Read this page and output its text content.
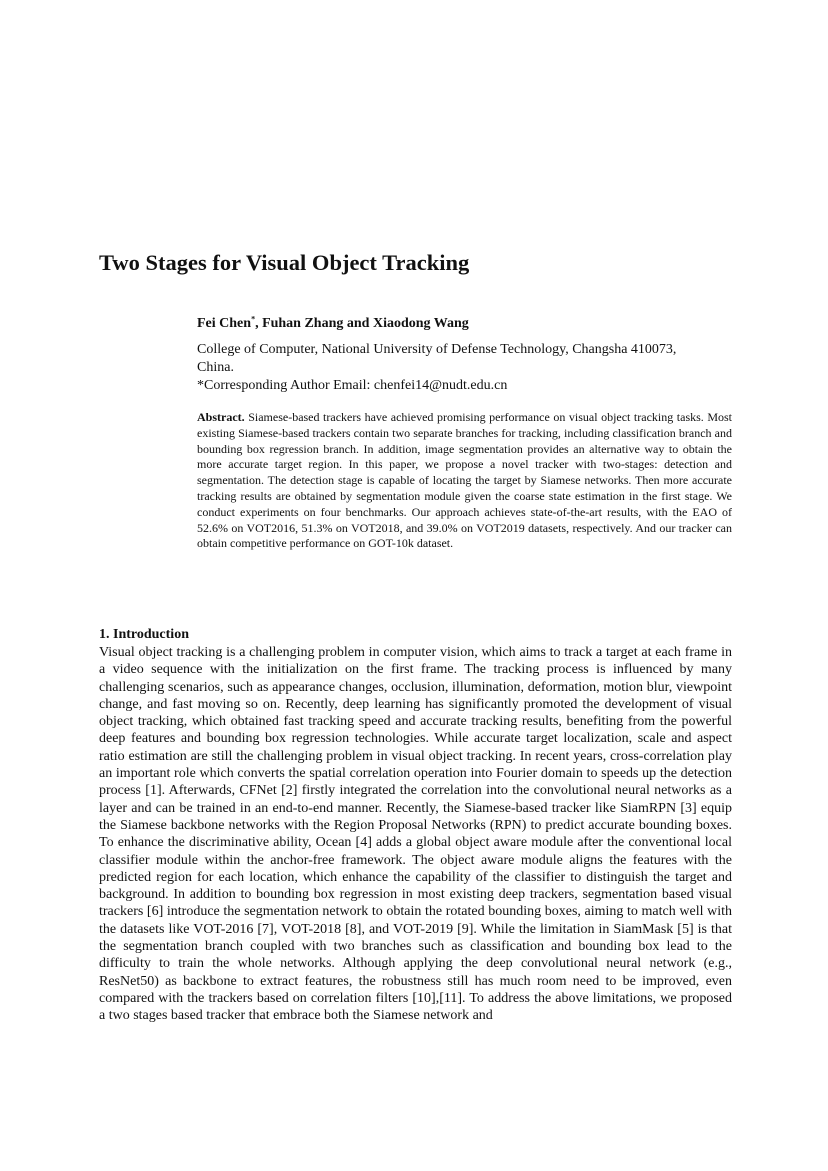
Two Stages for Visual Object Tracking
Fei Chen*, Fuhan Zhang and Xiaodong Wang
College of Computer, National University of Defense Technology, Changsha 410073,
China.
*Corresponding Author Email: chenfei14@nudt.edu.cn

Abstract. Siamese-based trackers have achieved promising performance on visual object tracking tasks. Most existing Siamese-based trackers contain two separate branches for tracking, including classification branch and bounding box regression branch. In addition, image segmentation provides an alternative way to obtain the more accurate target region. In this paper, we propose a novel tracker with two-stages: detection and segmentation. The detection stage is capable of locating the target by Siamese networks. Then more accurate tracking results are obtained by segmentation module given the coarse state estimation in the first stage. We conduct experiments on four benchmarks. Our approach achieves state-of-the-art results, with the EAO of 52.6% on VOT2016, 51.3% on VOT2018, and 39.0% on VOT2019 datasets, respectively. And our tracker can obtain competitive performance on GOT-10k dataset.

1. Introduction

Visual object tracking is a challenging problem in computer vision, which aims to track a target at each frame in a video sequence with the initialization on the first frame. The tracking process is influenced by many challenging scenarios, such as appearance changes, occlusion, illumination, deformation, motion blur, viewpoint change, and fast moving so on. Recently, deep learning has significantly promoted the development of visual object tracking, which obtained fast tracking speed and accurate tracking results, benefiting from the powerful deep features and bounding box regression technologies. While accurate target localization, scale and aspect ratio estimation are still the challenging problem in visual object tracking. In recent years, cross-correlation play an important role which converts the spatial correlation operation into Fourier domain to speeds up the detection process [1]. Afterwards, CFNet [2] firstly integrated the correlation into the convolutional neural networks as a layer and can be trained in an end-to-end manner. Recently, the Siamese-based tracker like SiamRPN [3] equip the Siamese backbone networks with the Region Proposal Networks (RPN) to predict accurate bounding boxes. To enhance the discriminative ability, Ocean [4] adds a global object aware module after the conventional local classifier module within the anchor-free framework. The object aware module aligns the features with the predicted region for each location, which enhance the capability of the classifier to distinguish the target and background. In addition to bounding box regression in most existing deep trackers, segmentation based visual trackers [6] introduce the segmentation network to obtain the rotated bounding boxes, aiming to match well with the datasets like VOT-2016 [7], VOT-2018 [8], and VOT-2019 [9]. While the limitation in SiamMask [5] is that the segmentation branch coupled with two branches such as classification and bounding box lead to the difficulty to train the whole networks. Although applying the deep convolutional neural network (e.g., ResNet50) as backbone to extract features, the robustness still has much room need to be improved, even compared with the trackers based on correlation filters [10],[11]. To address the above limitations, we proposed a two stages based tracker that embrace both the Siamese network and
